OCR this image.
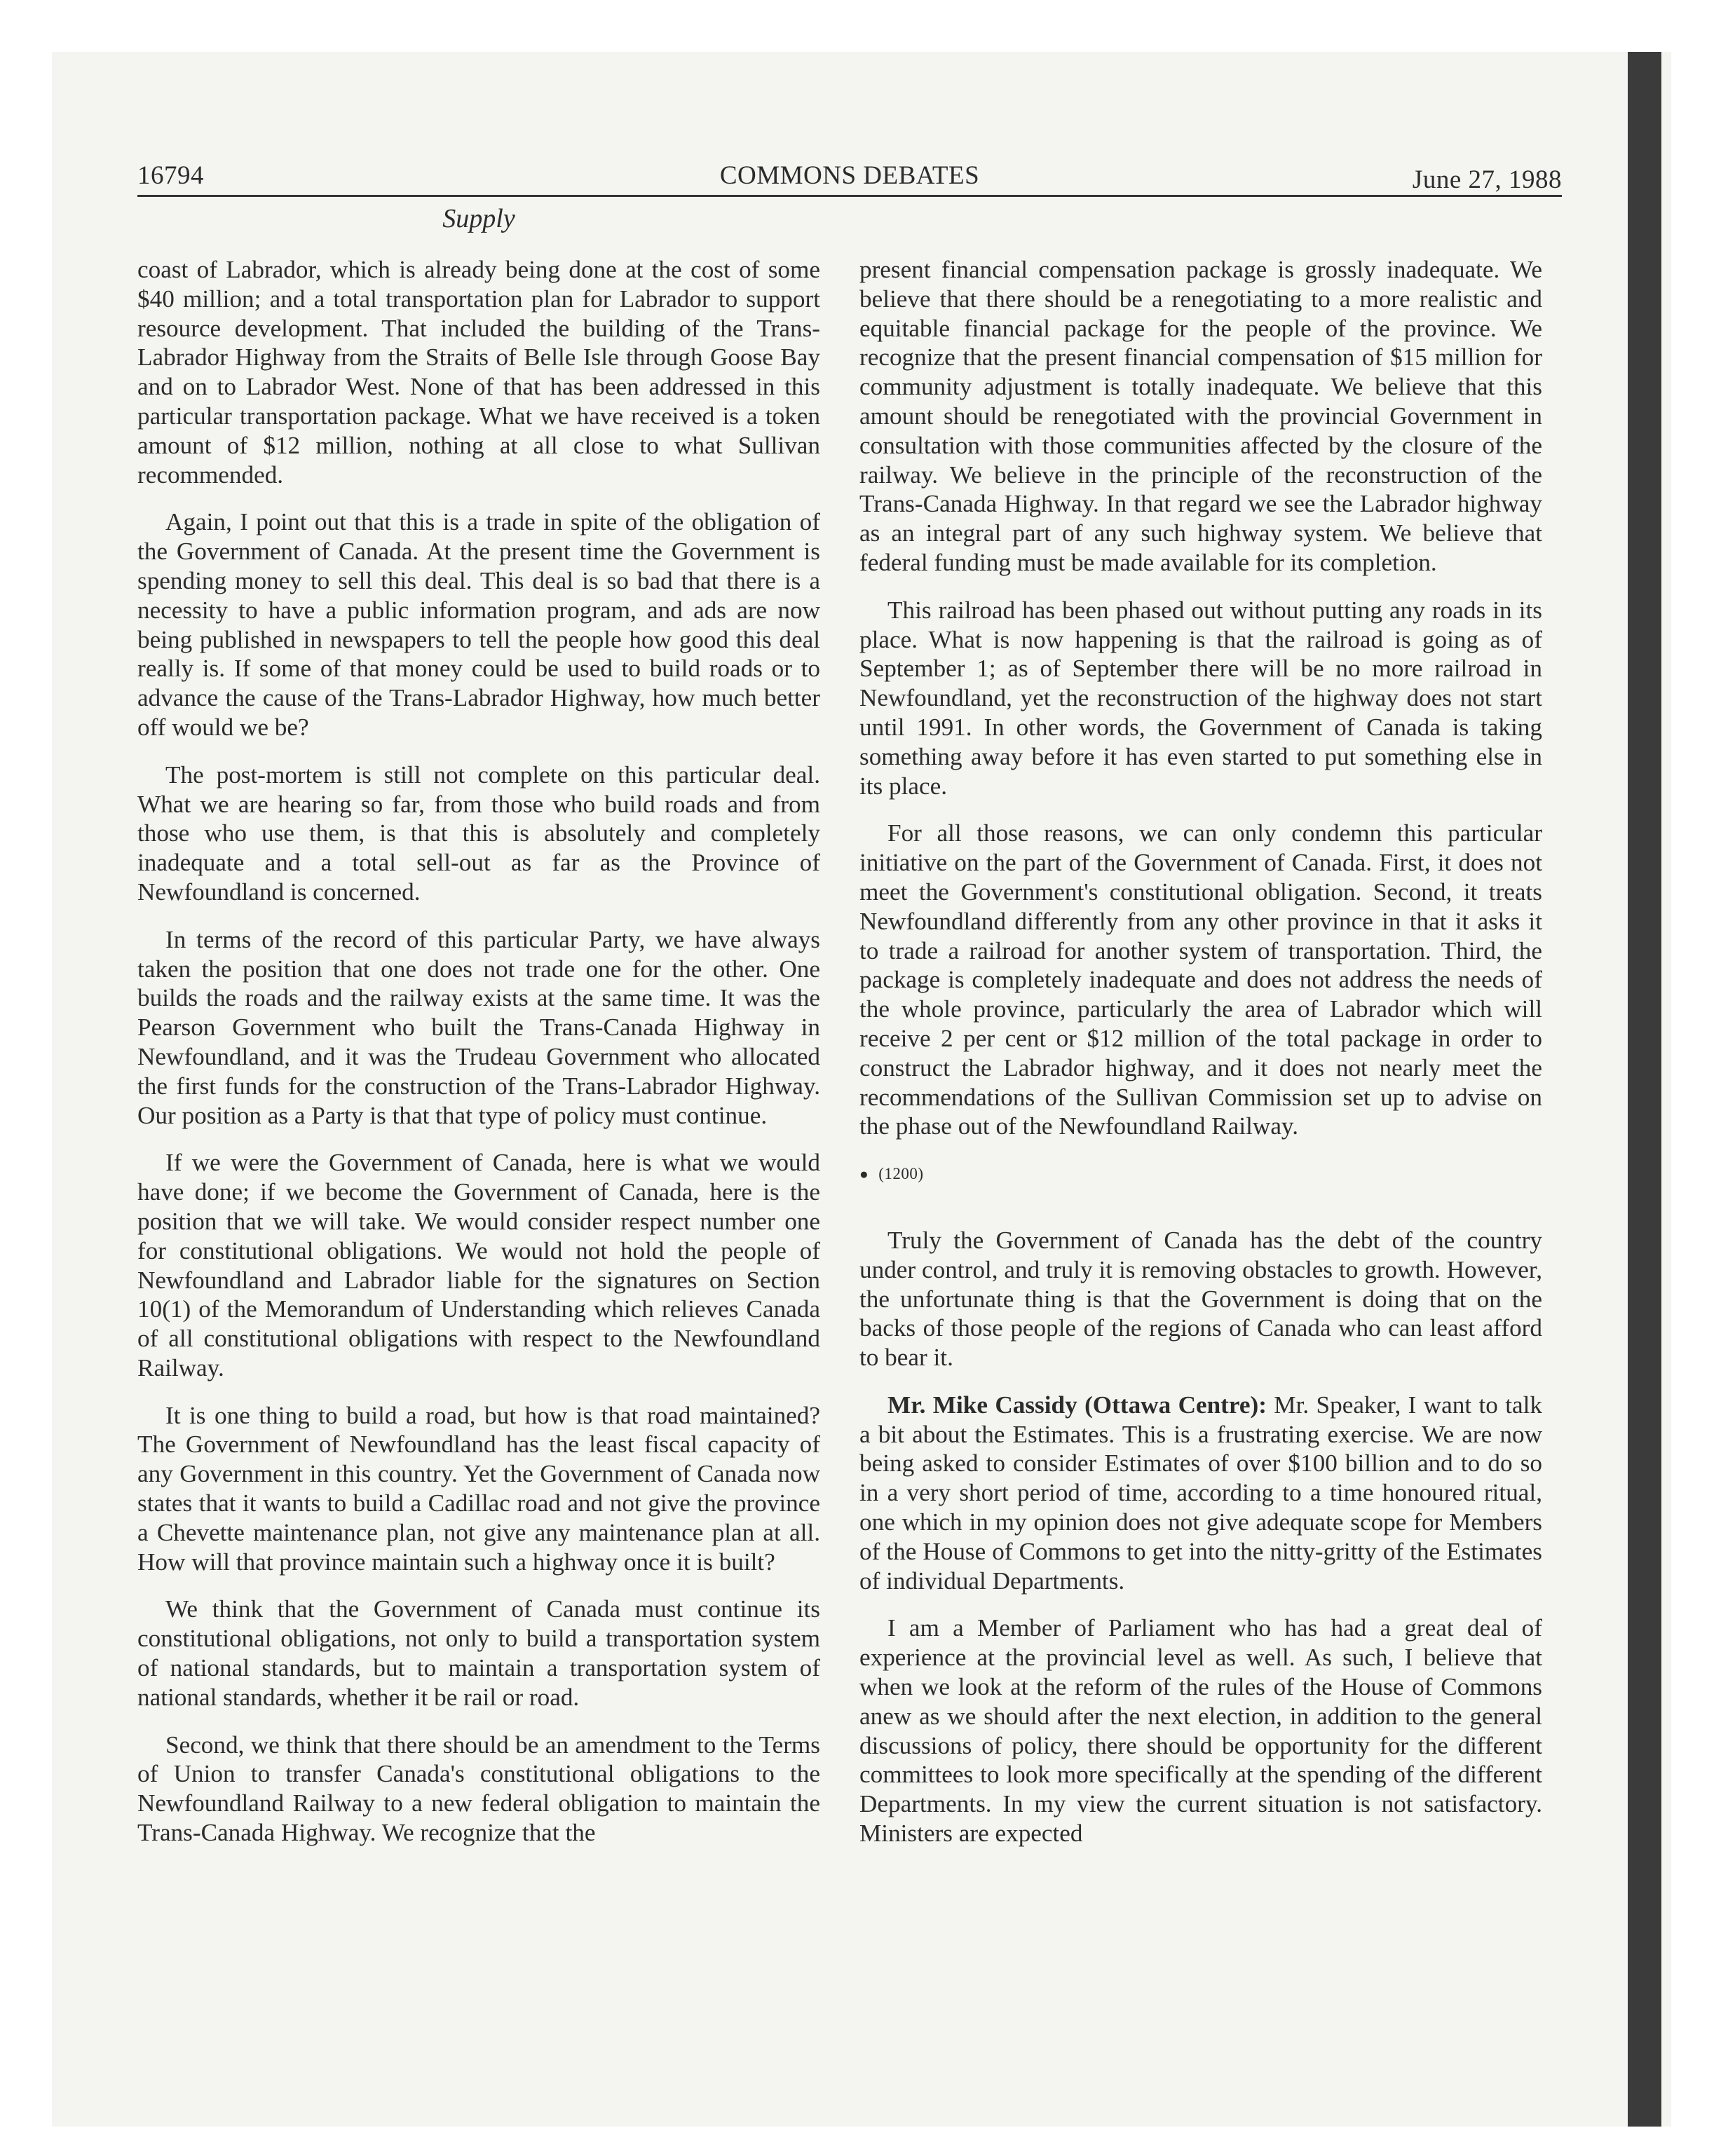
16794	COMMONS DEBATES	June 27, 1988
Supply

coast of Labrador, which is already being done at the cost of some $40 million; and a total transportation plan for Labrador to support resource development. That included the building of the Trans-Labrador Highway from the Straits of Belle Isle through Goose Bay and on to Labrador West. None of that has been addressed in this particular transportation package. What we have received is a token amount of $12 million, nothing at all close to what Sullivan recommended.

Again, I point out that this is a trade in spite of the obligation of the Government of Canada. At the present time the Government is spending money to sell this deal. This deal is so bad that there is a necessity to have a public information program, and ads are now being published in newspapers to tell the people how good this deal really is. If some of that money could be used to build roads or to advance the cause of the Trans-Labrador Highway, how much better off would we be?

The post-mortem is still not complete on this particular deal. What we are hearing so far, from those who build roads and from those who use them, is that this is absolutely and completely inadequate and a total sell-out as far as the Province of Newfoundland is concerned.

In terms of the record of this particular Party, we have always taken the position that one does not trade one for the other. One builds the roads and the railway exists at the same time. It was the Pearson Government who built the Trans-Canada Highway in Newfoundland, and it was the Trudeau Government who allocated the first funds for the construction of the Trans-Labrador Highway. Our position as a Party is that that type of policy must continue.

If we were the Government of Canada, here is what we would have done; if we become the Government of Canada, here is the position that we will take. We would consider respect number one for constitutional obligations. We would not hold the people of Newfoundland and Labrador liable for the signatures on Section 10(1) of the Memorandum of Understanding which relieves Canada of all constitutional obligations with respect to the Newfoundland Railway.

It is one thing to build a road, but how is that road maintained? The Government of Newfoundland has the least fiscal capacity of any Government in this country. Yet the Government of Canada now states that it wants to build a Cadillac road and not give the province a Chevette maintenance plan, not give any maintenance plan at all. How will that province maintain such a highway once it is built?

We think that the Government of Canada must continue its constitutional obligations, not only to build a transportation system of national standards, but to maintain a transportation system of national standards, whether it be rail or road.

Second, we think that there should be an amendment to the Terms of Union to transfer Canada's constitutional obligations to the Newfoundland Railway to a new federal obligation to maintain the Trans-Canada Highway. We recognize that the

present financial compensation package is grossly inadequate. We believe that there should be a renegotiating to a more realistic and equitable financial package for the people of the province. We recognize that the present financial compensation of $15 million for community adjustment is totally inadequate. We believe that this amount should be renegotiated with the provincial Government in consultation with those communities affected by the closure of the railway. We believe in the principle of the reconstruction of the Trans-Canada Highway. In that regard we see the Labrador highway as an integral part of any such highway system. We believe that federal funding must be made available for its completion.

This railroad has been phased out without putting any roads in its place. What is now happening is that the railroad is going as of September 1; as of September there will be no more railroad in Newfoundland, yet the reconstruction of the highway does not start until 1991. In other words, the Government of Canada is taking something away before it has even started to put something else in its place.

For all those reasons, we can only condemn this particular initiative on the part of the Government of Canada. First, it does not meet the Government's constitutional obligation. Second, it treats Newfoundland differently from any other province in that it asks it to trade a railroad for another system of transportation. Third, the package is completely inadequate and does not address the needs of the whole province, particularly the area of Labrador which will receive 2 per cent or $12 million of the total package in order to construct the Labrador highway, and it does not nearly meet the recommendations of the Sullivan Commission set up to advise on the phase out of the Newfoundland Railway.

● (1200)

Truly the Government of Canada has the debt of the country under control, and truly it is removing obstacles to growth. However, the unfortunate thing is that the Government is doing that on the backs of those people of the regions of Canada who can least afford to bear it.

Mr. Mike Cassidy (Ottawa Centre): Mr. Speaker, I want to talk a bit about the Estimates. This is a frustrating exercise. We are now being asked to consider Estimates of over $100 billion and to do so in a very short period of time, according to a time honoured ritual, one which in my opinion does not give adequate scope for Members of the House of Commons to get into the nitty-gritty of the Estimates of individual Departments.

I am a Member of Parliament who has had a great deal of experience at the provincial level as well. As such, I believe that when we look at the reform of the rules of the House of Commons anew as we should after the next election, in addition to the general discussions of policy, there should be opportunity for the different committees to look more specifically at the spending of the different Departments. In my view the current situation is not satisfactory. Ministers are expected
